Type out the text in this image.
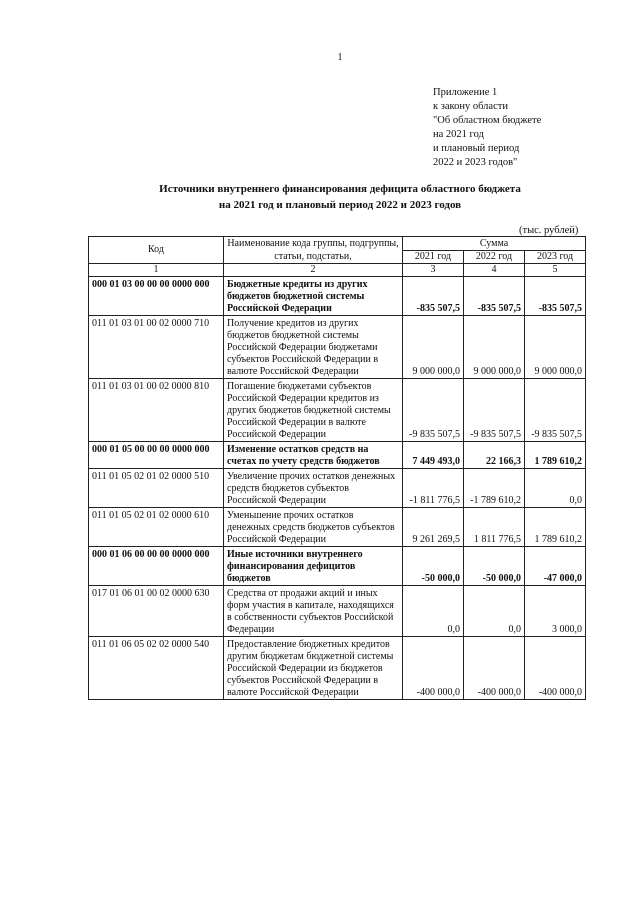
1
Приложение 1
к закону области
"Об областном бюджете
на 2021 год
и плановый период
2022 и 2023 годов"
Источники внутреннего финансирования дефицита областного бюджета
на 2021 год и плановый период 2022 и 2023 годов
(тыс. рублей)
Код	Наименование кода группы, подгруппы, статьи, подстатьи,	Сумма		
		2021 год	2022 год	2023 год
1	2	3	4	5
000 01 03 00 00 00 0000 000	Бюджетные кредиты из других бюджетов бюджетной системы Российской Федерации	-835 507,5	-835 507,5	-835 507,5
011 01 03 01 00 02 0000 710	Получение кредитов из других бюджетов бюджетной системы Российской Федерации бюджетами субъектов Российской Федерации в валюте Российской Федерации	9 000 000,0	9 000 000,0	9 000 000,0
011 01 03 01 00 02 0000 810	Погашение бюджетами субъектов Российской Федерации кредитов из других бюджетов бюджетной системы Российской Федерации в валюте Российской Федерации	-9 835 507,5	-9 835 507,5	-9 835 507,5
000 01 05 00 00 00 0000 000	Изменение остатков средств на счетах по учету средств бюджетов	7 449 493,0	22 166,3	1 789 610,2
011 01 05 02 01 02 0000 510	Увеличение прочих остатков денежных средств бюджетов субъектов Российской Федерации	-1 811 776,5	-1 789 610,2	0,0
011 01 05 02 01 02 0000 610	Уменьшение прочих остатков денежных средств бюджетов субъектов Российской Федерации	9 261 269,5	1 811 776,5	1 789 610,2
000 01 06 00 00 00 0000 000	Иные источники внутреннего финансирования дефицитов бюджетов	-50 000,0	-50 000,0	-47 000,0
017 01 06 01 00 02 0000 630	Средства от продажи акций и иных форм участия в капитале, находящихся в собственности субъектов Российской Федерации	0,0	0,0	3 000,0
011 01 06 05 02 02 0000 540	Предоставление бюджетных кредитов другим бюджетам бюджетной системы Российской Федерации из бюджетов субъектов Российской Федерации в валюте Российской Федерации	-400 000,0	-400 000,0	-400 000,0
